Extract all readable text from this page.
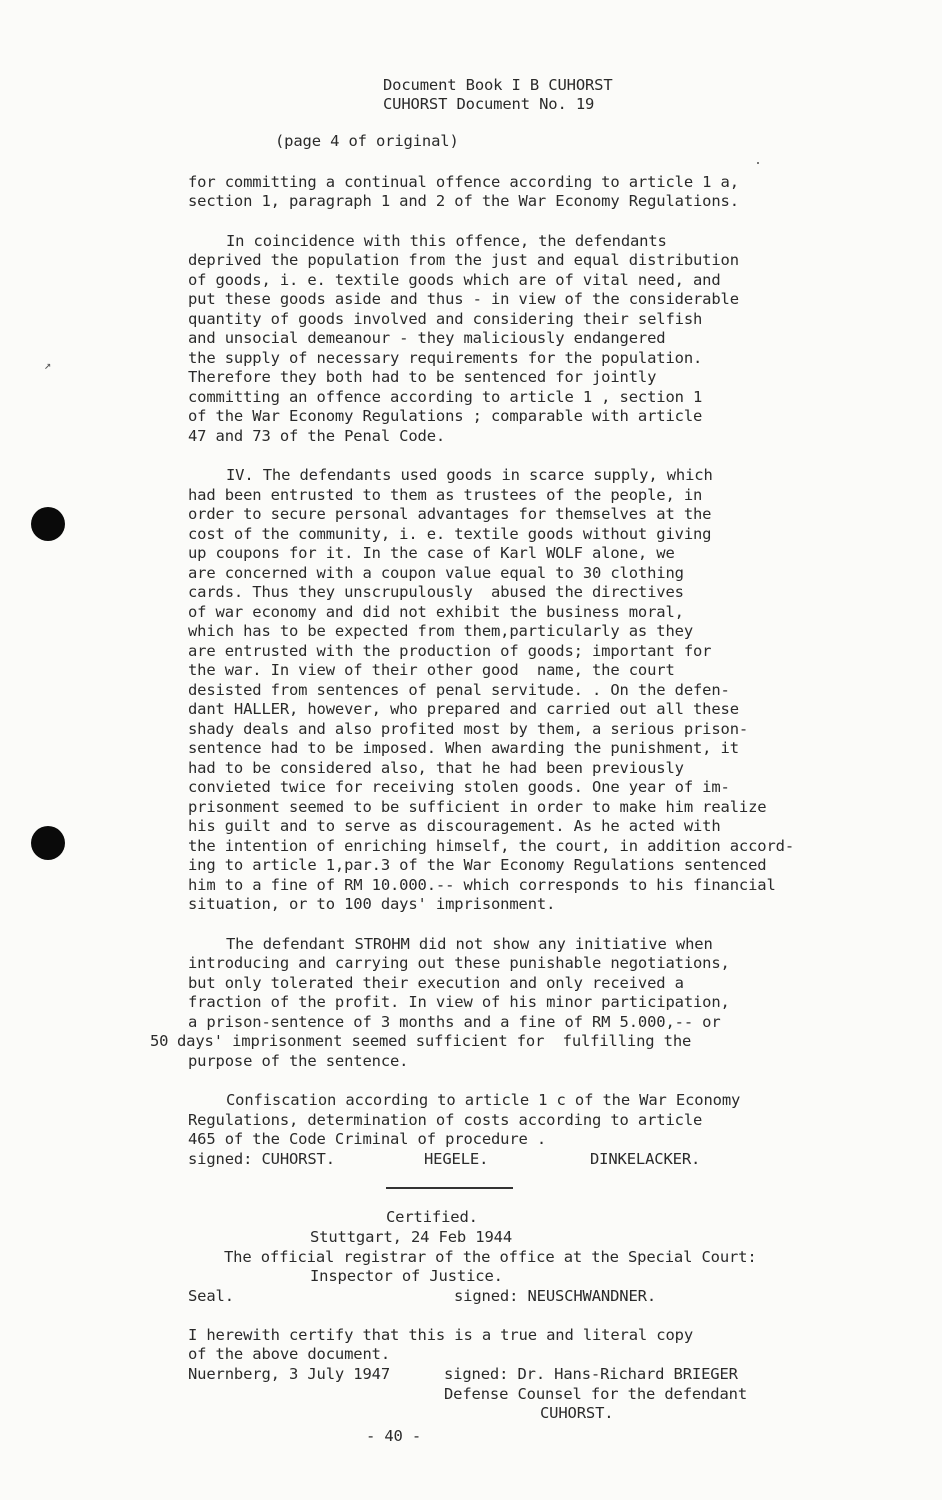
↗
Document Book I B CUHORST
CUHORST Document No. 19
(page 4 of original)
for committing a continual offence according to article 1 a,
section 1, paragraph 1 and 2 of the War Economy Regulations.
In coincidence with this offence, the defendants
deprived the population from the just and equal distribution
of goods, i. e. textile goods which are of vital need, and
put these goods aside and thus - in view of the considerable
quantity of goods involved and considering their selfish
and unsocial demeanour - they maliciously endangered
the supply of necessary requirements for the population.
Therefore they both had to be sentenced for jointly
committing an offence according to article 1 , section 1
of the War Economy Regulations ; comparable with article
47 and 73 of the Penal Code.
IV. The defendants used goods in scarce supply, which
had been entrusted to them as trustees of the people, in
order to secure personal advantages for themselves at the
cost of the community, i. e. textile goods without giving
up coupons for it. In the case of Karl WOLF alone, we
are concerned with a coupon value equal to 30 clothing
cards. Thus they unscrupulously  abused the directives
of war economy and did not exhibit the business moral,
which has to be expected from them,particularly as they
are entrusted with the production of goods; important for
the war. In view of their other good  name, the court
desisted from sentences of penal servitude. . On the defen-
dant HALLER, however, who prepared and carried out all these
shady deals and also profited most by them, a serious prison-
sentence had to be imposed. When awarding the punishment, it
had to be considered also, that he had been previously
convieted twice for receiving stolen goods. One year of im-
prisonment seemed to be sufficient in order to make him realize
his guilt and to serve as discouragement. As he acted with
the intention of enriching himself, the court, in addition accord-
ing to article 1,par.3 of the War Economy Regulations sentenced
him to a fine of RM 10.000.-- which corresponds to his financial
situation, or to 100 days' imprisonment.
The defendant STROHM did not show any initiative when
introducing and carrying out these punishable negotiations,
but only tolerated their execution and only received a
fraction of the profit. In view of his minor participation,
a prison-sentence of 3 months and a fine of RM 5.000,-- or
50 days' imprisonment seemed sufficient for  fulfilling the
purpose of the sentence.
Confiscation according to article 1 c of the War Economy
Regulations, determination of costs according to article
465 of the Code Criminal of procedure .
signed: CUHORST.	HEGELE.	DINKELACKER.
Certified.
Stuttgart, 24 Feb 1944
The official registrar of the office at the Special Court:
Inspector of Justice.
Seal.	signed: NEUSCHWANDNER.
I herewith certify that this is a true and literal copy
of the above document.
Nuernberg, 3 July 1947	signed: Dr. Hans-Richard BRIEGER
Defense Counsel for the defendant
CUHORST.
- 40 -
